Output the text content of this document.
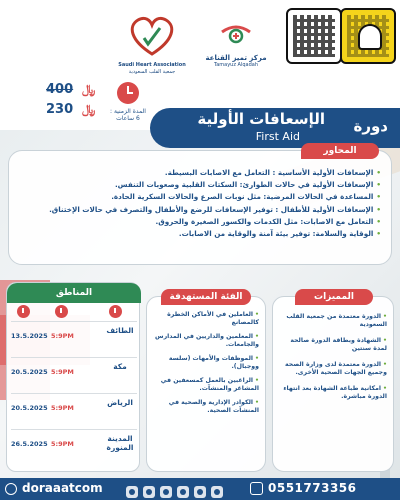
مركز تميز القناعة
Tamayuz Alqadah
Saudi Heart Association
جمعية القلب السعودية
400 ﷼
230 ﷼	المدة الزمنية :
6 ساعات	الإسعافات الأولية
First Aid
دورة
المحاور
•الإسعافات الأولية الأساسية : التعامل مع الاصابات البسيطة.
•الإسعافات الأولية في حالات الطوارئ: السكتات القلبية وصعوبات التنفس.
•المساعدة في الحالات المرضية: مثل نوبات الصرع والحالات السكرية الحادة.
•الإسعافات الأولية للأطفال : توفير الإسعافات للرضع والأطفال والتصرف في حالات الإختناق.
•التعامل مع الاصابات: مثل الكدمات والكسور الصغيرة والحروق.
•الوقاية والسلامة: توفير بيئة آمنة والوقاية من الاصابات.
المناطق
13.5.2025 5:9PM
الطائف
20.5.2025 5:9PM
مكة
20.5.2025 5:9PM
الرياض
26.5.2025 5:9PM
المدينة المنورة
الفئة المستهدفة
•العاملين في الأماكن الخطرة كالمصانع
•المعلمين والداريين في المدارس والجامعات.
•الموظفات والأمهات (سلسة ووجبال).
•الراغبين بالعمل كمسعفين في المشاغر والمنشآت.
•الكوادر الإدارية والصحية في المنشآت الصحية.
المميزات
•الدورة معتمدة من جمعية القلب السعودية
•الشهادة وبطاقة الدورة صالحة لمدة سنتين
•الدورة معتمدة لدى وزارة الصحة وجميع الجهات الصحية الأخرى.
•امكانية طباعة الشهادة بعد انتهاء الدورة مباشرة.
doraaatcom	0551773356
